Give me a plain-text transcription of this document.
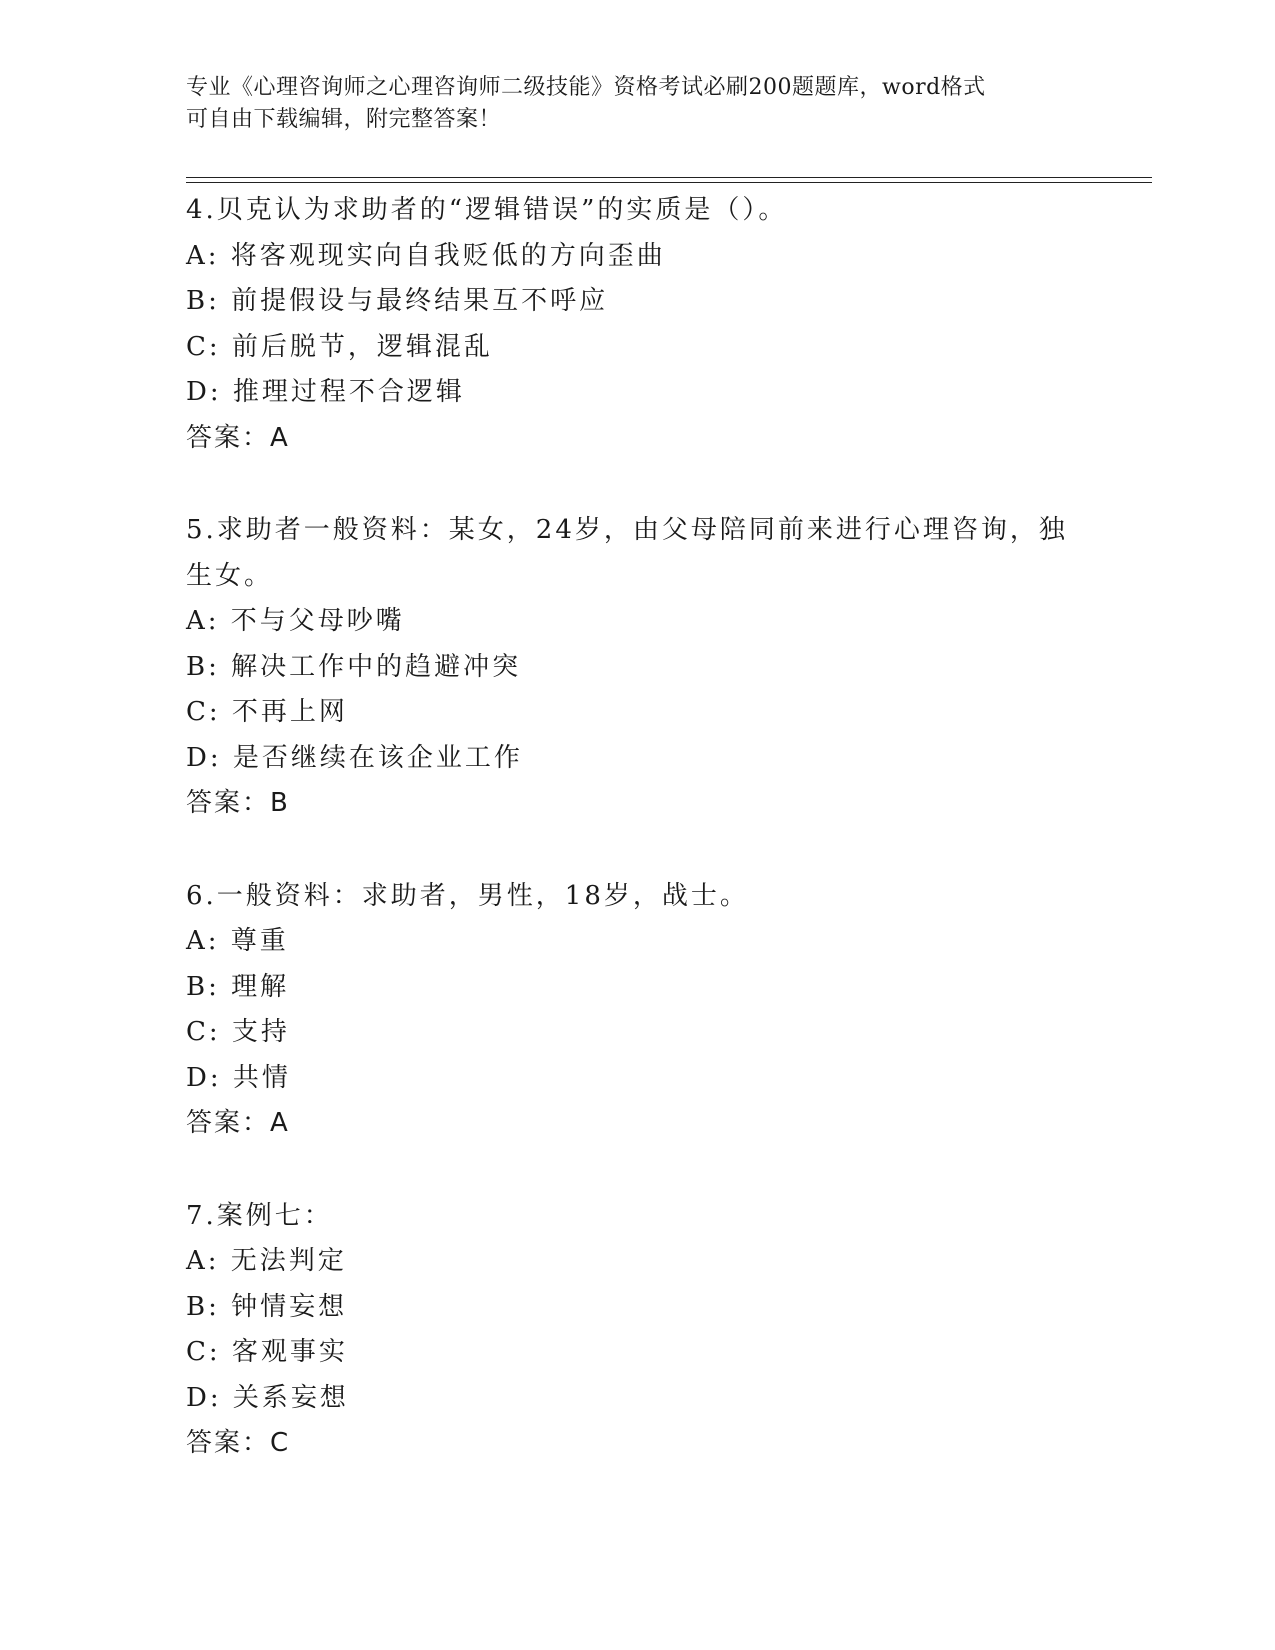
专业《心理咨询师之心理咨询师二级技能》资格考试必刷200题题库，word格式
可自由下载编辑，附完整答案！
4.贝克认为求助者的“逻辑错误”的实质是（）。
A: 将客观现实向自我贬低的方向歪曲
B: 前提假设与最终结果互不呼应
C: 前后脱节，逻辑混乱
D: 推理过程不合逻辑
答案：A
5.求助者一般资料：某女，24岁，由父母陪同前来进行心理咨询，独
生女。
A: 不与父母吵嘴
B: 解决工作中的趋避冲突
C: 不再上网
D: 是否继续在该企业工作
答案：B
6.一般资料：求助者，男性，18岁，战士。
A: 尊重
B: 理解
C: 支持
D: 共情
答案：A
7.案例七：
A: 无法判定
B: 钟情妄想
C: 客观事实
D: 关系妄想
答案：C
